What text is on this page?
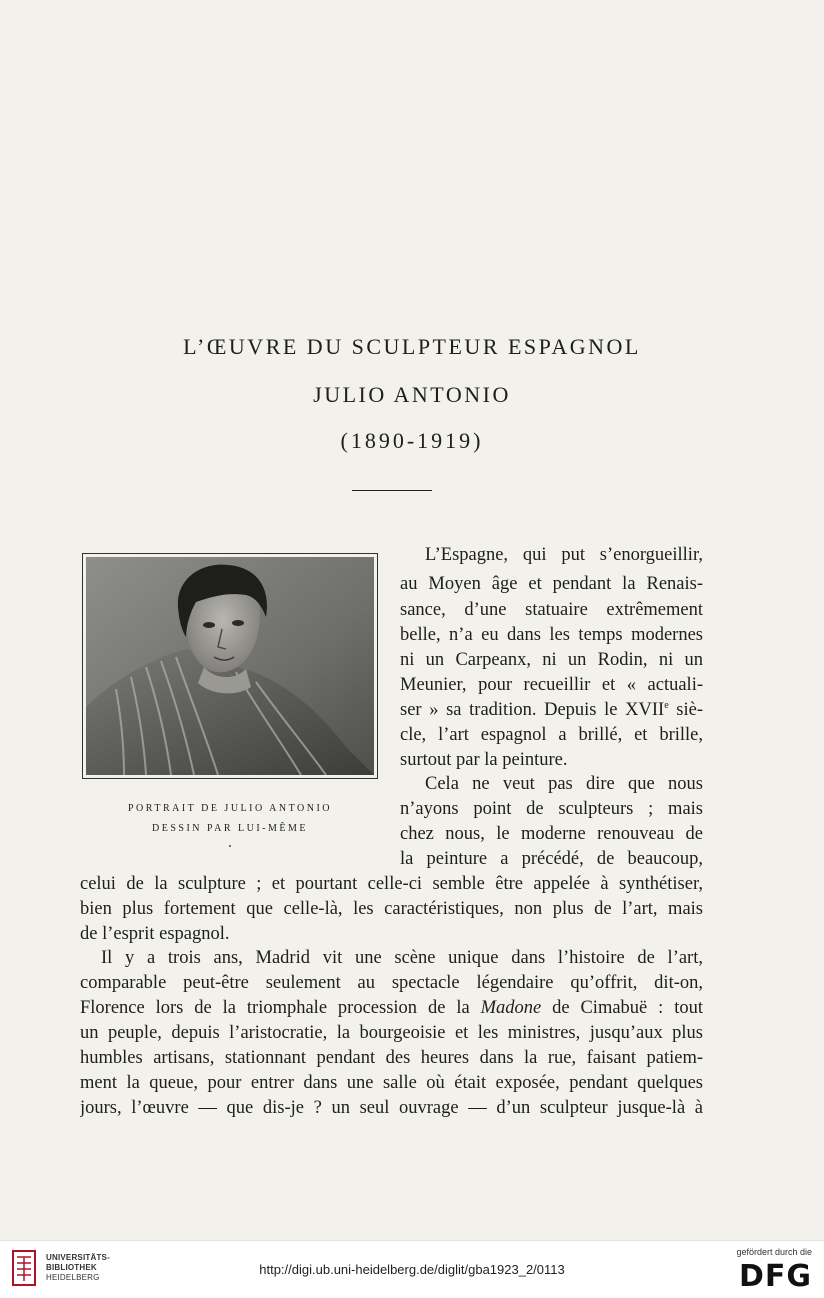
L’ŒUVRE DU SCULPTEUR ESPAGNOL
JULIO ANTONIO
(1890-1919)
PORTRAIT DE JULIO ANTONIO
DESSIN PAR LUI-MÊME
L’Espagne, qui put s’enorgueillir,
au Moyen âge et pendant la Renais-
sance, d’une statuaire extrêmement
belle, n’a eu dans les temps modernes
ni un Carpeanx, ni un Rodin, ni un
Meunier, pour recueillir et « actuali-
ser » sa tradition. Depuis le XVIIe siè-
cle, l’art espagnol a brillé, et brille,
surtout par la peinture.
Cela ne veut pas dire que nous
n’ayons point de sculpteurs ; mais
chez nous, le moderne renouveau de
la peinture a précédé, de beaucoup,
celui de la sculpture ; et pourtant celle-ci semble être appelée à synthétiser,
bien plus fortement que celle-là, les caractéristiques, non plus de l’art, mais
de l’esprit espagnol.
Il y a trois ans, Madrid vit une scène unique dans l’histoire de l’art,
comparable peut-être seulement au spectacle légendaire qu’offrit, dit-on,
Florence lors de la triomphale procession de la Madone de Cimabuë : tout
un peuple, depuis l’aristocratie, la bourgeoisie et les ministres, jusqu’aux plus
humbles artisans, stationnant pendant des heures dans la rue, faisant patiem-
ment la queue, pour entrer dans une salle où était exposée, pendant quelques
jours, l’œuvre — que dis-je ? un seul ouvrage — d’un sculpteur jusque-là à
UNIVERSITÄTS-
BIBLIOTHEK
HEIDELBERG
http://digi.ub.uni-heidelberg.de/diglit/gba1923_2/0113
gefördert durch die
DFG
